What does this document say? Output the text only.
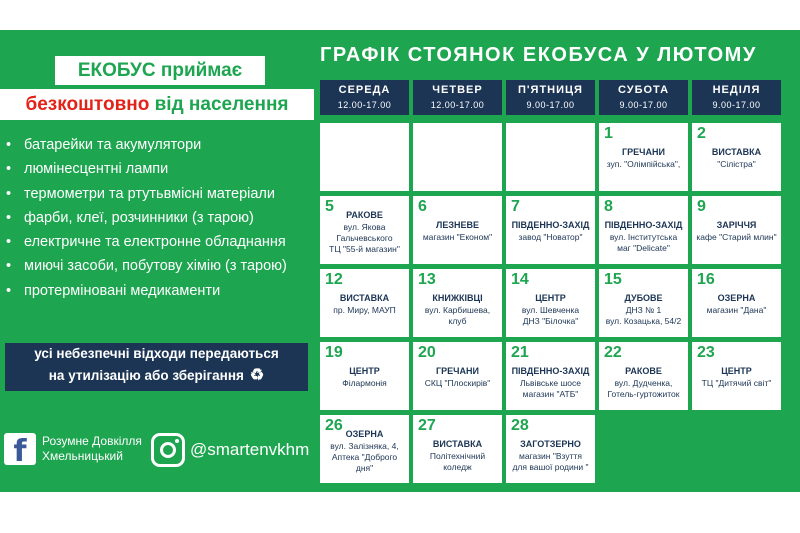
ЕКОБУС приймає
безкоштовно від населення
• батарейки та акумулятори
• люмінесцентні лампи
• термометри та ртутьвмісні матеріали
• фарби, клеї, розчинники (з тарою)
• електричне та електронне обладнання
• миючі засоби, побутову хімію (з тарою)
• протерміновані медикаменти
усі небезпечні відходи передаються
на утилізацію або зберігання ♻
f	Розумне Довкілля
Хмельницький	@smartenvkhm
ГРАФІК СТОЯНОК ЕКОБУСА У ЛЮТОМУ
СЕРЕДА
12.00-17.00
ЧЕТВЕР
12.00-17.00
П'ЯТНИЦЯ
9.00-17.00
СУБОТА
9.00-17.00
НЕДІЛЯ
9.00-17.00
1
ГРЕЧАНИ
зуп. "Олімпійська",
2
ВИСТАВКА
"Сілістра"
5	РАКОВЕ
вул. Якова
Гальчевського
ТЦ "55-й магазин"
6
ЛЕЗНЕВЕ
магазин "Економ"
7
ПІВДЕННО-ЗАХІД
завод "Новатор"
8
ПІВДЕННО-ЗАХІД
вул. Інститутська
маг "Delicate"
9
ЗАРІЧЧЯ
кафе "Старий млин"
12
ВИСТАВКА
пр. Миру, МАУП
13
КНИЖКІВЦІ
вул. Карбишева,
клуб
14
ЦЕНТР
вул. Шевченка
ДНЗ "Білочка"
15
ДУБОВЕ
ДНЗ № 1
вул. Козацька, 54/2
16
ОЗЕРНА
магазин "Дана"
19
ЦЕНТР
Філармонія
20
ГРЕЧАНИ
СКЦ "Плоскирів"
21
ПІВДЕННО-ЗАХІД
Львівське шосе
магазин "АТБ"
22
РАКОВЕ
вул. Дудченка,
Готель-гуртожиток
23
ЦЕНТР
ТЦ "Дитячий світ"
26 ОЗЕРНА
вул. Залізняка, 4,
Аптека "Доброго
дня"
27
ВИСТАВКА
Політехнічний
коледж
28
ЗАГОТЗЕРНО
магазин "Взуття
для вашої родини "
